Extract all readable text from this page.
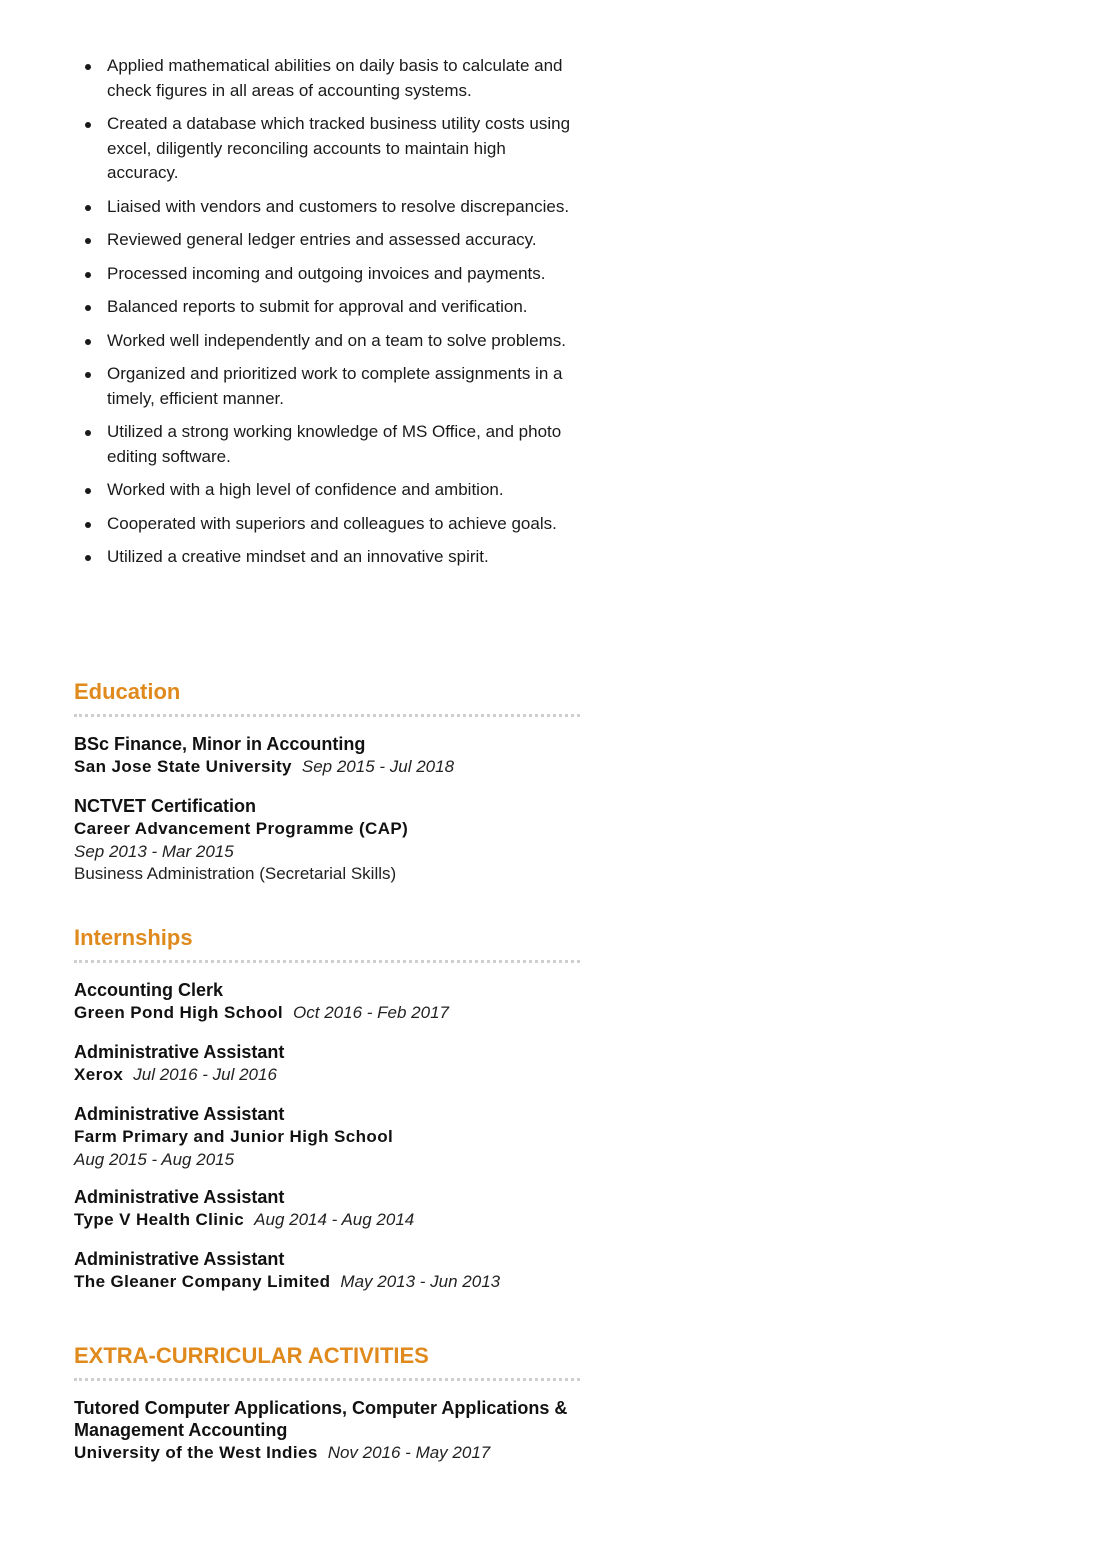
Applied mathematical abilities on daily basis to calculate and check figures in all areas of accounting systems.
Created a database which tracked business utility costs using excel, diligently reconciling accounts to maintain high accuracy.
Liaised with vendors and customers to resolve discrepancies.
Reviewed general ledger entries and assessed accuracy.
Processed incoming and outgoing invoices and payments.
Balanced reports to submit for approval and verification.
Worked well independently and on a team to solve problems.
Organized and prioritized work to complete assignments in a timely, efficient manner.
Utilized a strong working knowledge of MS Office, and photo editing software.
Worked with a high level of confidence and ambition.
Cooperated with superiors and colleagues to achieve goals.
Utilized a creative mindset and an innovative spirit.
Education
BSc Finance, Minor in Accounting
San Jose State University Sep 2015 - Jul 2018
NCTVET Certification
Career Advancement Programme (CAP)
Sep 2013 - Mar 2015
Business Administration (Secretarial Skills)
Internships
Accounting Clerk
Green Pond High School Oct 2016 - Feb 2017
Administrative Assistant
Xerox Jul 2016 - Jul 2016
Administrative Assistant
Farm Primary and Junior High School
Aug 2015 - Aug 2015
Administrative Assistant
Type V Health Clinic Aug 2014 - Aug 2014
Administrative Assistant
The Gleaner Company Limited May 2013 - Jun 2013
EXTRA-CURRICULAR ACTIVITIES
Tutored Computer Applications, Computer Applications & Management Accounting
University of the West Indies Nov 2016 - May 2017
